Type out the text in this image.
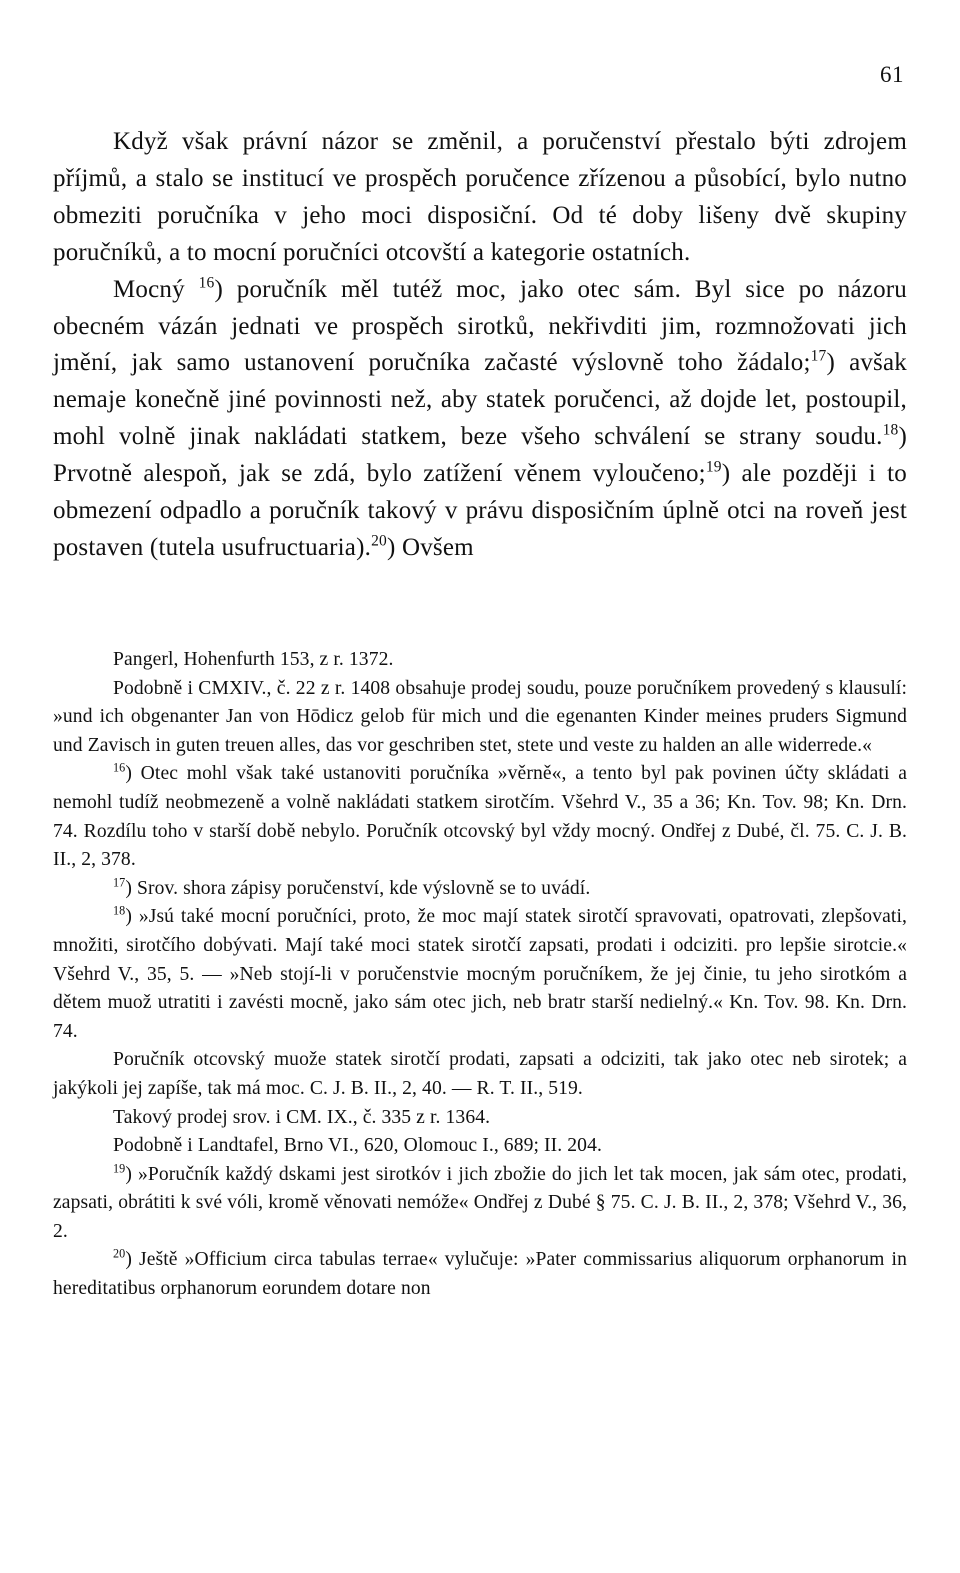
61

Když však právní názor se změnil, a poručenství přestalo býti zdrojem příjmů, a stalo se institucí ve prospěch poručence zřízenou a působící, bylo nutno obmeziti poručníka v jeho moci disposiční. Od té doby lišeny dvě skupiny poručníků, a to mocní poručníci otcovští a kategorie ostatních.

Mocný $^{16}$) poručník měl tutéž moc, jako otec sám. Byl sice po názoru obecném vázán jednati ve prospěch sirotků, nekřivditi jim, rozmnožovati jich jmění, jak samo ustanovení poručníka začasté výslovně toho žádalo;$^{17}$) avšak nemaje konečně jiné povinnosti než, aby statek poručenci, až dojde let, postoupil, mohl volně jinak nakládati statkem, beze všeho schválení se strany soudu.$^{18}$) Prvotně alespoň, jak se zdá, bylo zatížení věnem vyloučeno;$^{19}$) ale později i to obmezení odpadlo a poručník takový v právu disposičním úplně otci na roveň jest postaven (tutela usufructuaria).$^{20}$) Ovšem

Pangerl, Hohenfurth 153, z r. 1372.

Podobně i CMXIV., č. 22 z r. 1408 obsahuje prodej soudu, pouze poručníkem provedený s klausulí: »und ich obgenanter Jan von Hōdicz gelob für mich und die egenanten Kinder meines pruders Sigmund und Zavisch in guten treuen alles, das vor geschriben stet, stete und veste zu halden an alle widerrede.«

$^{16}$) Otec mohl však také ustanoviti poručníka »věrně«, a tento byl pak povinen účty skládati a nemohl tudíž neobmezeně a volně nakládati statkem sirotčím. Všehrd V., 35 a 36; Kn. Tov. 98; Kn. Drn. 74. Rozdílu toho v starší době nebylo. Poručník otcovský byl vždy mocný. Ondřej z Dubé, čl. 75. C. J. B. II., 2, 378.

$^{17}$) Srov. shora zápisy poručenství, kde výslovně se to uvádí.

$^{18}$) »Jsú také mocní poručníci, proto, že moc mají statek sirotčí spravovati, opatrovati, zlepšovati, množiti, sirotčího dobývati. Mají také moci statek sirotčí zapsati, prodati i odciziti. pro lepšie sirotcie.« Všehrd V., 35, 5. — »Neb stojí-li v poručenstvie mocným poručníkem, že jej činie, tu jeho sirotkóm a dětem muož utratiti i zavésti mocně, jako sám otec jich, neb bratr starší nedielný.« Kn. Tov. 98. Kn. Drn. 74.

Poručník otcovský muože statek sirotčí prodati, zapsati a odciziti, tak jako otec neb sirotek; a jakýkoli jej zapíše, tak má moc. C. J. B. II., 2, 40. — R. T. II., 519.

Takový prodej srov. i CM. IX., č. 335 z r. 1364.

Podobně i Landtafel, Brno VI., 620, Olomouc I., 689; II. 204.

$^{19}$) »Poručník každý dskami jest sirotkóv i jich zbožie do jich let tak mocen, jak sám otec, prodati, zapsati, obrátiti k své vóli, kromě věnovati nemóže« Ondřej z Dubé § 75. C. J. B. II., 2, 378; Všehrd V., 36, 2.

$^{20}$) Ještě »Officium circa tabulas terrae« vylučuje: »Pater commissarius aliquorum orphanorum in hereditatibus orphanorum eorundem dotare non
